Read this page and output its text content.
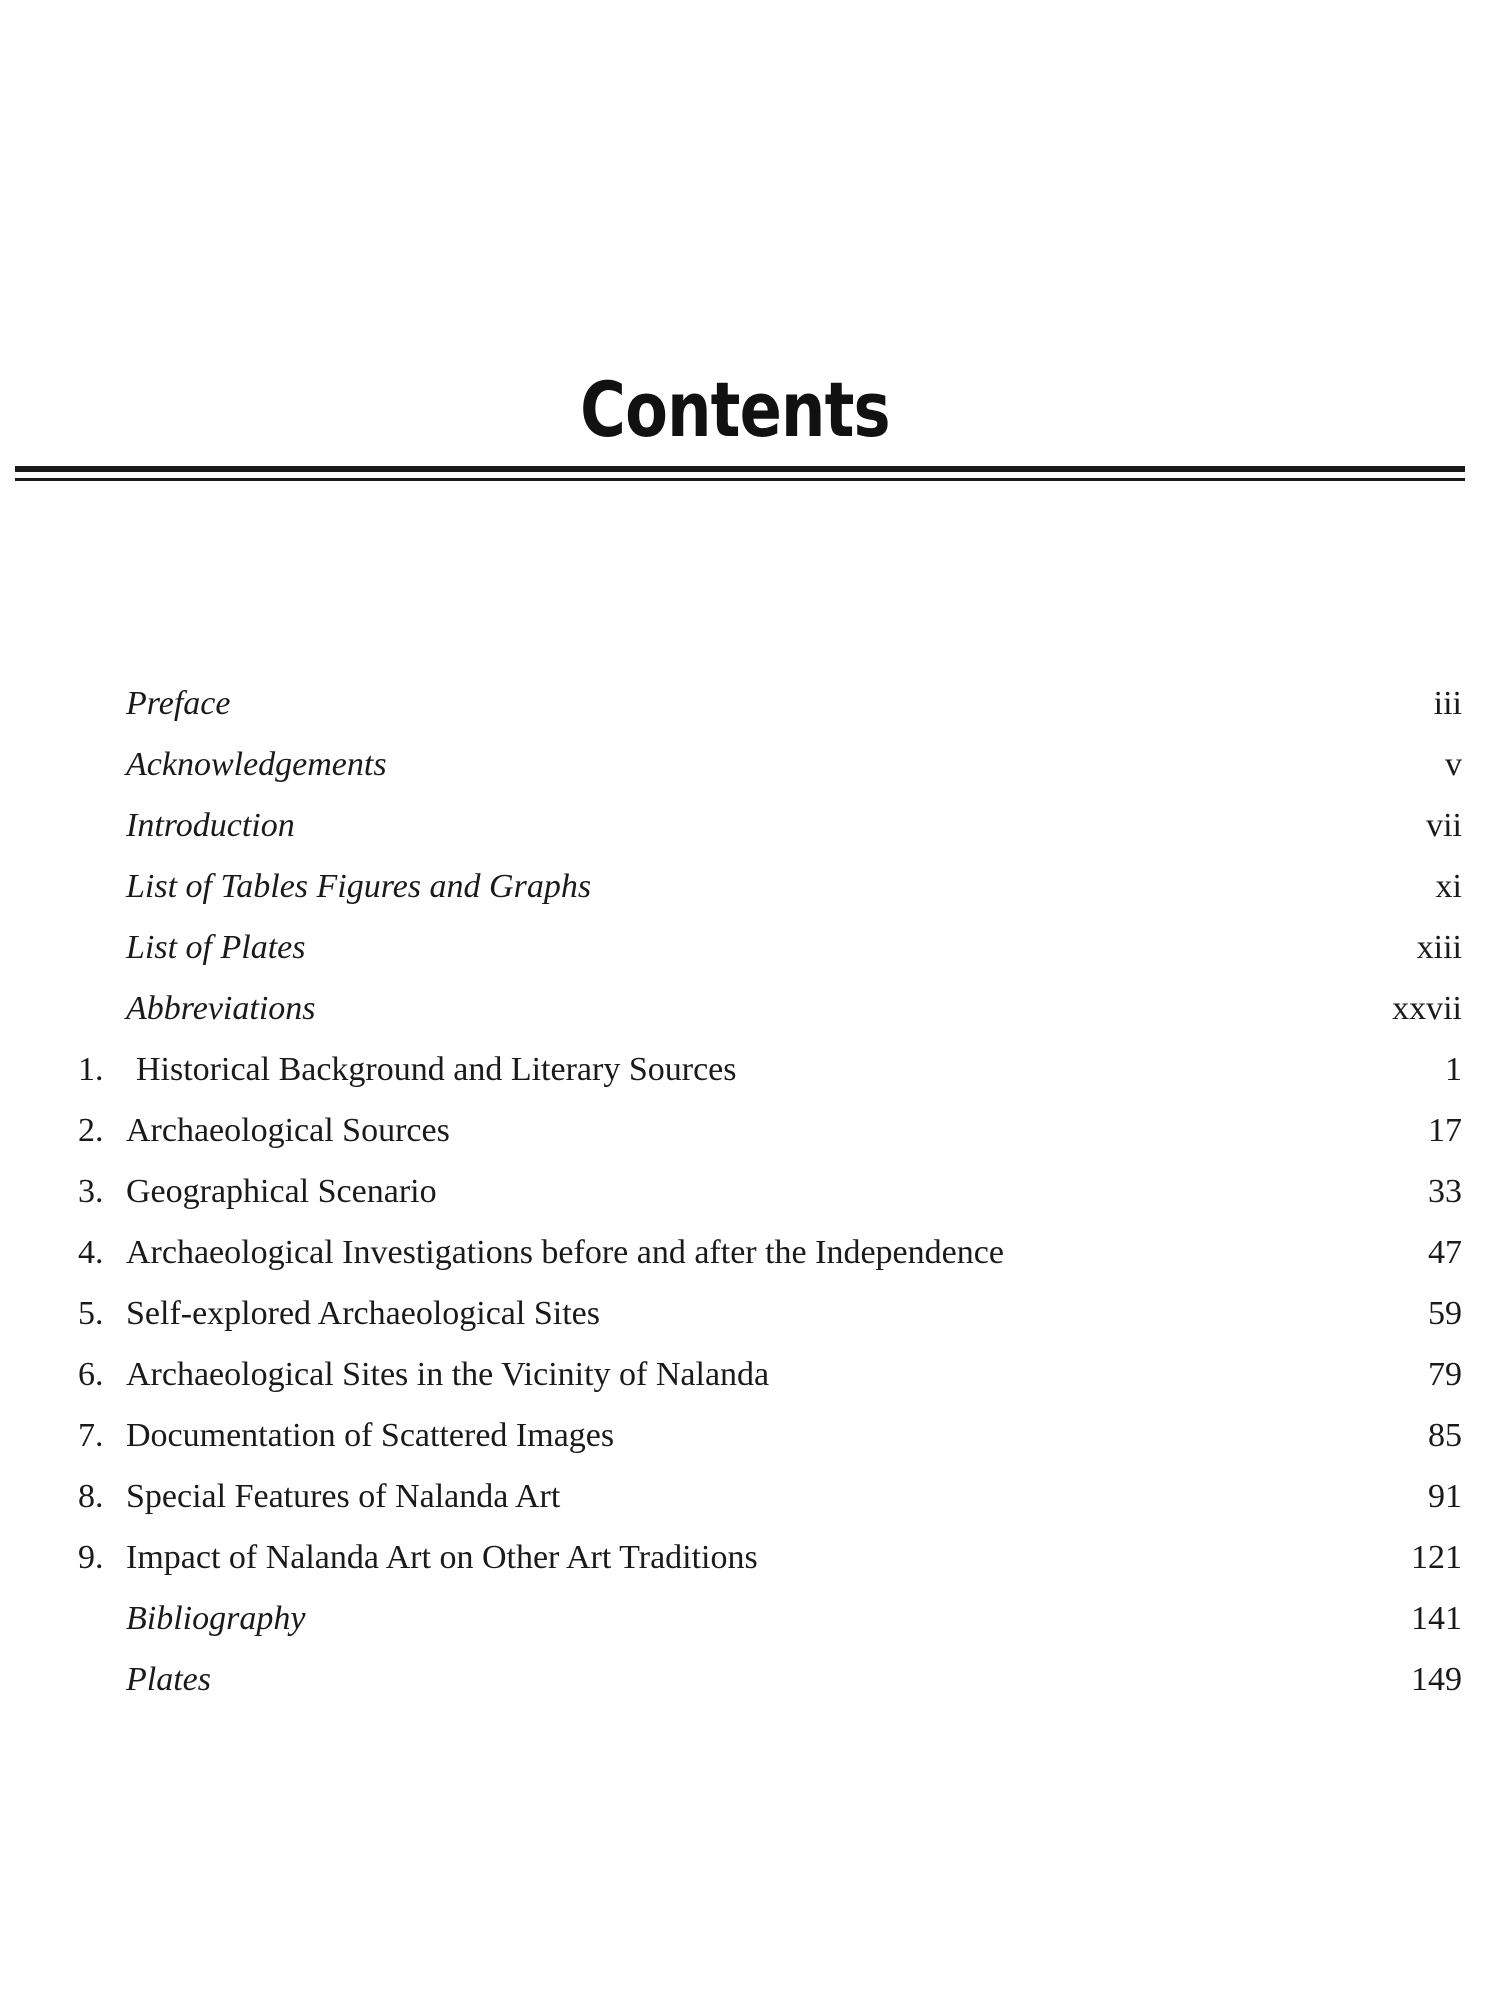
Contents
Preface	iii
Acknowledgements	v
Introduction	vii
List of Tables Figures and Graphs	xi
List of Plates	xiii
Abbreviations	xxvii
1. Historical Background and Literary Sources	1
2. Archaeological Sources	17
3. Geographical Scenario	33
4. Archaeological Investigations before and after the Independence	47
5. Self-explored Archaeological Sites	59
6. Archaeological Sites in the Vicinity of Nalanda	79
7. Documentation of Scattered Images	85
8. Special Features of Nalanda Art	91
9. Impact of Nalanda Art on Other Art Traditions	121
Bibliography	141
Plates	149
